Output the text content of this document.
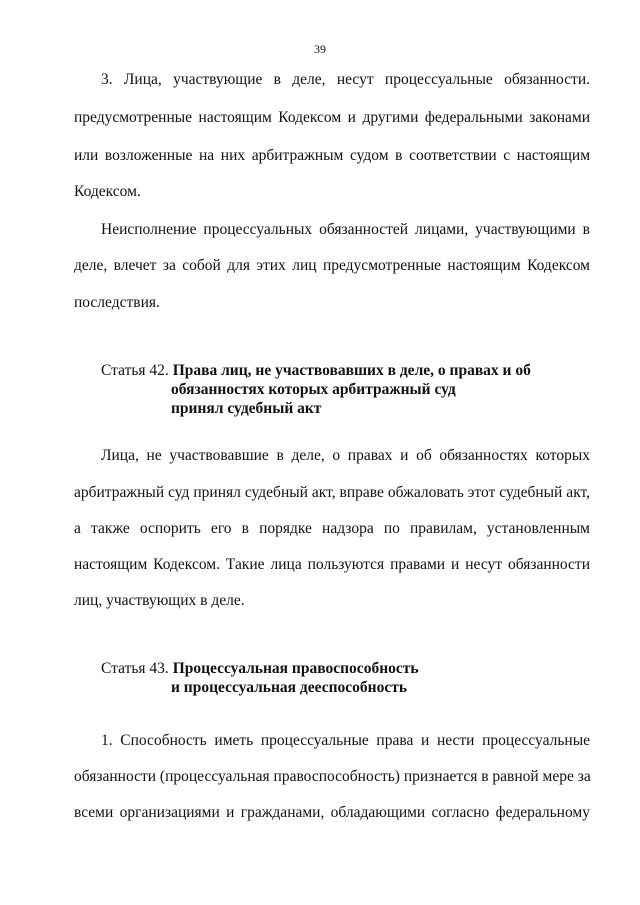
39
3. Лица, участвующие в деле, несут процессуальные обязанности.
предусмотренные настоящим Кодексом и другими федеральными законами
или возложенные на них арбитражным судом в соответствии с настоящим
Кодексом.
Неисполнение процессуальных обязанностей лицами, участвующими в
деле, влечет за собой для этих лиц предусмотренные настоящим Кодексом
последствия.
Статья 42. Права лиц, не участвовавших в деле, о правах и об
обязанностях которых арбитражный суд
принял судебный акт
Лица, не участвовавшие в деле, о правах и об обязанностях которых
арбитражный суд принял судебный акт, вправе обжаловать этот судебный акт,
а также оспорить его в порядке надзора по правилам, установленным
настоящим Кодексом. Такие лица пользуются правами и несут обязанности
лиц, участвующих в деле.
Статья 43. Процессуальная правоспособность
и процессуальная дееспособность
1. Способность иметь процессуальные права и нести процессуальные
обязанности (процессуальная правоспособность) признается в равной мере за
всеми организациями и гражданами, обладающими согласно федеральному
